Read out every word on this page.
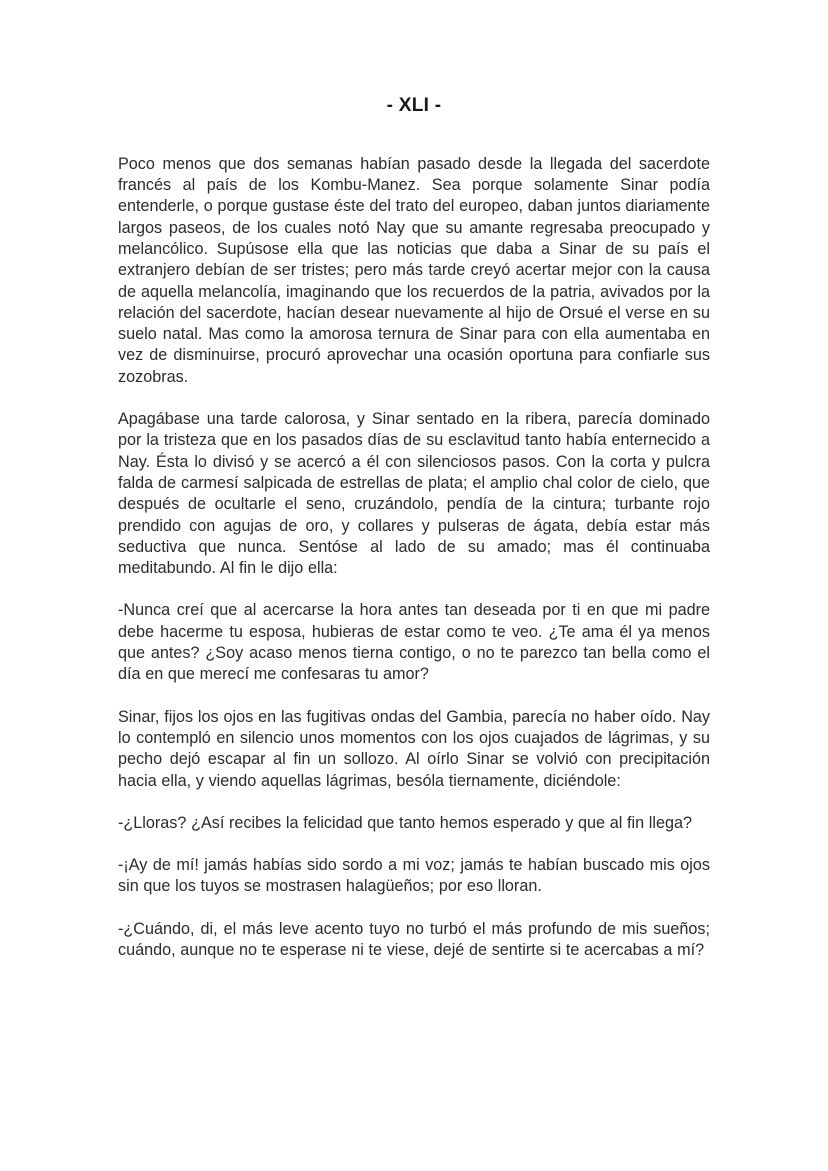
- XLI -

Poco menos que dos semanas habían pasado desde la llegada del sacerdote francés al país de los Kombu-Manez. Sea porque solamente Sinar podía entenderle, o porque gustase éste del trato del europeo, daban juntos diariamente largos paseos, de los cuales notó Nay que su amante regresaba preocupado y melancólico. Supúsose ella que las noticias que daba a Sinar de su país el extranjero debían de ser tristes; pero más tarde creyó acertar mejor con la causa de aquella melancolía, imaginando que los recuerdos de la patria, avivados por la relación del sacerdote, hacían desear nuevamente al hijo de Orsué el verse en su suelo natal. Mas como la amorosa ternura de Sinar para con ella aumentaba en vez de disminuirse, procuró aprovechar una ocasión oportuna para confiarle sus zozobras.

Apagábase una tarde calorosa, y Sinar sentado en la ribera, parecía dominado por la tristeza que en los pasados días de su esclavitud tanto había enternecido a Nay. Ésta lo divisó y se acercó a él con silenciosos pasos. Con la corta y pulcra falda de carmesí salpicada de estrellas de plata; el amplio chal color de cielo, que después de ocultarle el seno, cruzándolo, pendía de la cintura; turbante rojo prendido con agujas de oro, y collares y pulseras de ágata, debía estar más seductiva que nunca. Sentóse al lado de su amado; mas él continuaba meditabundo. Al fin le dijo ella:

-Nunca creí que al acercarse la hora antes tan deseada por ti en que mi padre debe hacerme tu esposa, hubieras de estar como te veo. ¿Te ama él ya menos que antes? ¿Soy acaso menos tierna contigo, o no te parezco tan bella como el día en que merecí me confesaras tu amor?

Sinar, fijos los ojos en las fugitivas ondas del Gambia, parecía no haber oído. Nay lo contempló en silencio unos momentos con los ojos cuajados de lágrimas, y su pecho dejó escapar al fin un sollozo. Al oírlo Sinar se volvió con precipitación hacia ella, y viendo aquellas lágrimas, besóla tiernamente, diciéndole:

-¿Lloras? ¿Así recibes la felicidad que tanto hemos esperado y que al fin llega?

-¡Ay de mí! jamás habías sido sordo a mi voz; jamás te habían buscado mis ojos sin que los tuyos se mostrasen halagüeños; por eso lloran.

-¿Cuándo, di, el más leve acento tuyo no turbó el más profundo de mis sueños; cuándo, aunque no te esperase ni te viese, dejé de sentirte si te acercabas a mí?
